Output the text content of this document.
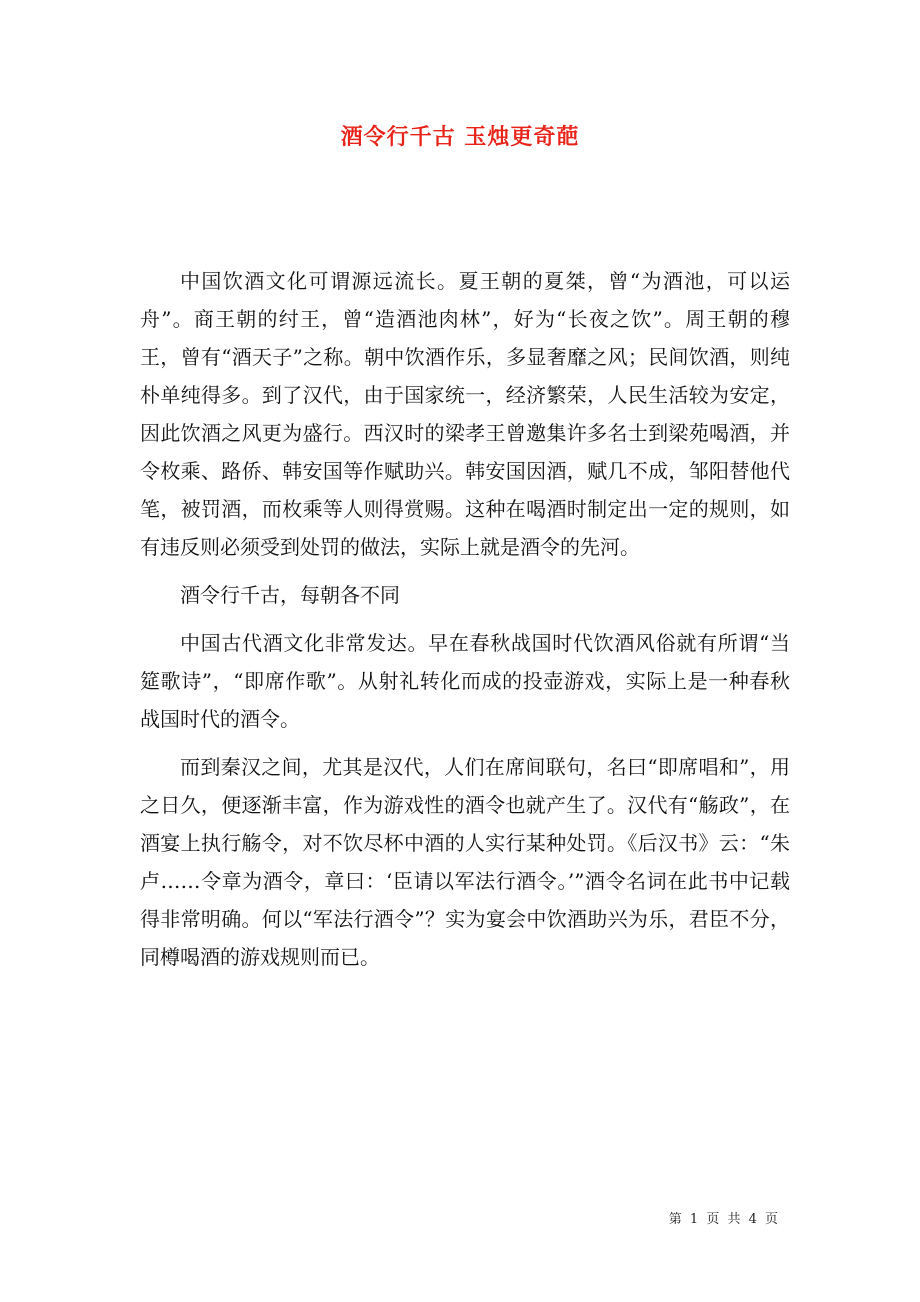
酒令行千古 玉烛更奇葩

中国饮酒文化可谓源远流长。夏王朝的夏桀，曾“为酒池，可以运舟”。商王朝的纣王，曾“造酒池肉林”，好为“长夜之饮”。周王朝的穆王，曾有“酒天子”之称。朝中饮酒作乐，多显奢靡之风；民间饮酒，则纯朴单纯得多。到了汉代，由于国家统一，经济繁荣，人民生活较为安定，因此饮酒之风更为盛行。西汉时的梁孝王曾邀集许多名士到梁苑喝酒，并令枚乘、路侨、韩安国等作赋助兴。韩安国因酒，赋几不成，邹阳替他代笔，被罚酒，而枚乘等人则得赏赐。这种在喝酒时制定出一定的规则，如有违反则必须受到处罚的做法，实际上就是酒令的先河。

酒令行千古，每朝各不同

中国古代酒文化非常发达。早在春秋战国时代饮酒风俗就有所谓“当筵歌诗”，“即席作歌”。从射礼转化而成的投壶游戏，实际上是一种春秋战国时代的酒令。

而到秦汉之间，尤其是汉代，人们在席间联句，名曰“即席唱和”，用之日久，便逐渐丰富，作为游戏性的酒令也就产生了。汉代有“觞政”，在酒宴上执行觞令，对不饮尽杯中酒的人实行某种处罚。《后汉书》云：“朱卢……令章为酒令，章曰：‘臣请以军法行酒令。’”酒令名词在此书中记载得非常明确。何以“军法行酒令”？实为宴会中饮酒助兴为乐，君臣不分，同樽喝酒的游戏规则而已。

第 1 页 共 4 页
